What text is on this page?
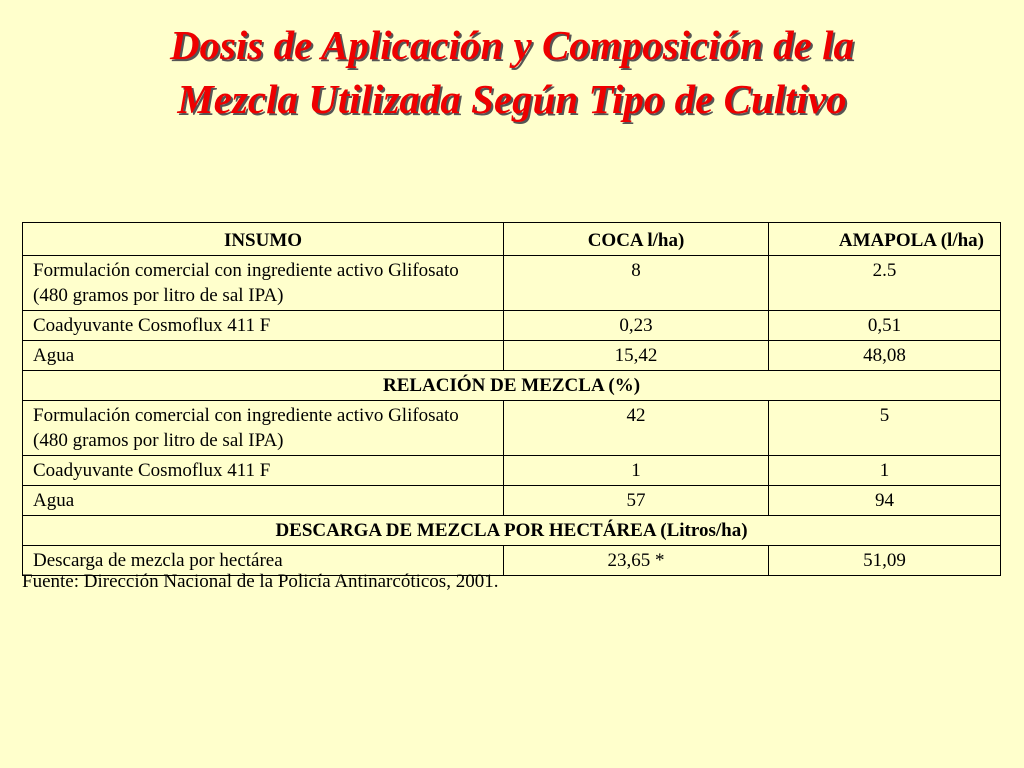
Dosis de Aplicación y Composición de la
Mezcla Utilizada Según Tipo de Cultivo
INSUMO	COCA l/ha)	AMAPOLA (l/ha)
Formulación comercial con ingrediente activo Glifosato (480 gramos por litro de sal IPA)	8	2.5
Coadyuvante Cosmoflux 411 F	0,23	0,51
Agua	15,42	48,08
RELACIÓN DE MEZCLA (%)		
Formulación comercial con ingrediente activo Glifosato (480 gramos por litro de sal IPA)	42	5
Coadyuvante Cosmoflux 411 F	1	1
Agua	57	94
DESCARGA DE MEZCLA POR HECTÁREA (Litros/ha)		
Descarga de mezcla por hectárea	23,65 *	51,09

Fuente: Dirección Nacional de la Policía Antinarcóticos, 2001.
